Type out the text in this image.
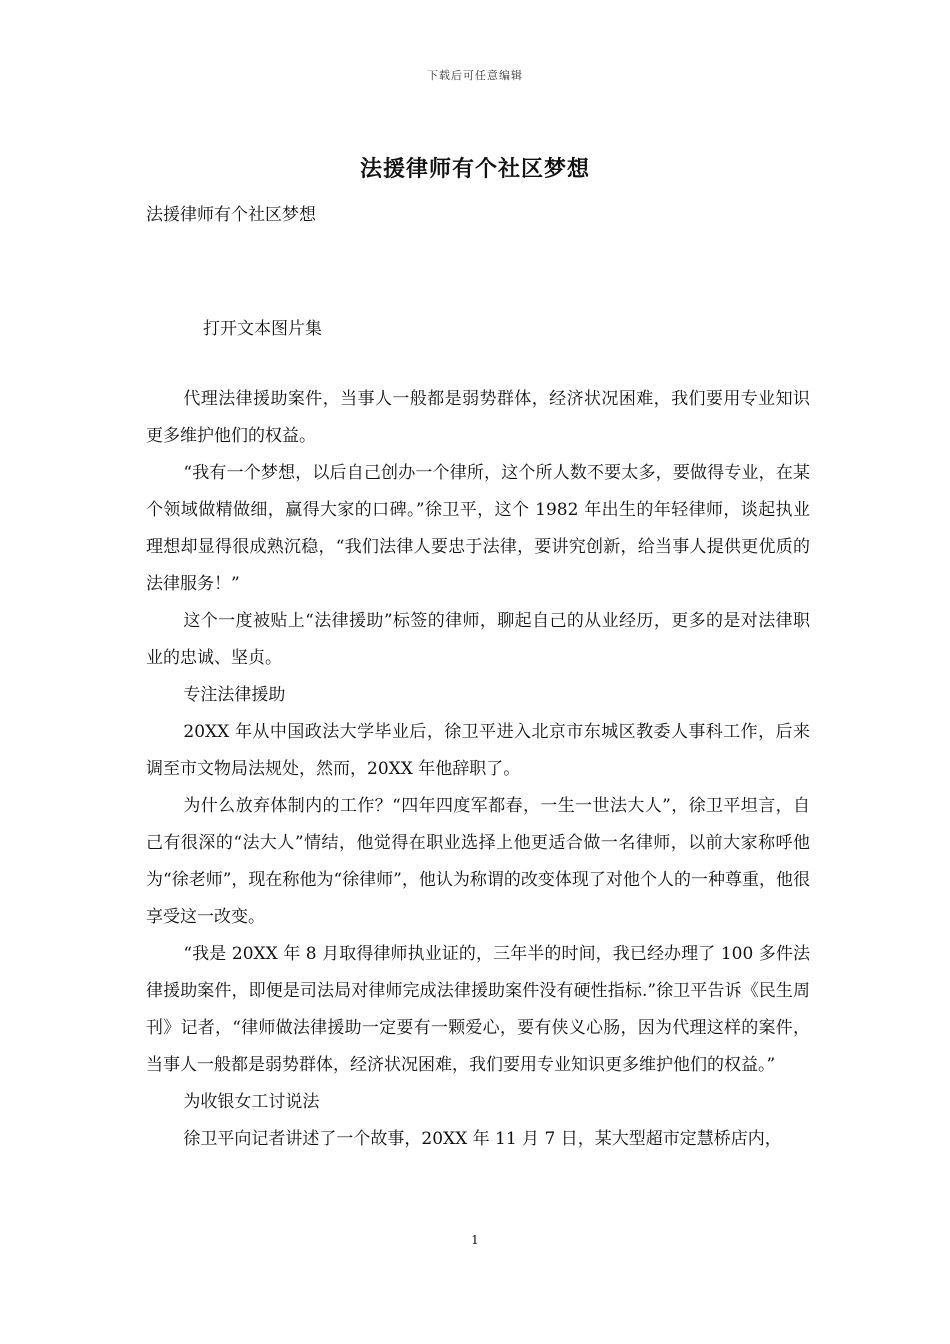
下载后可任意编辑
法援律师有个社区梦想
法援律师有个社区梦想
打开文本图片集

代理法律援助案件，当事人一般都是弱势群体，经济状况困难，我们要用专业知识更多维护他们的权益。

“我有一个梦想，以后自己创办一个律所，这个所人数不要太多，要做得专业，在某个领域做精做细，赢得大家的口碑。”徐卫平，这个 1982 年出生的年轻律师，谈起执业理想却显得很成熟沉稳，“我们法律人要忠于法律，要讲究创新，给当事人提供更优质的法律服务！”

这个一度被贴上“法律援助”标签的律师，聊起自己的从业经历，更多的是对法律职业的忠诚、坚贞。

专注法律援助

20XX 年从中国政法大学毕业后，徐卫平进入北京市东城区教委人事科工作，后来调至市文物局法规处，然而，20XX 年他辞职了。

为什么放弃体制内的工作？“四年四度军都春，一生一世法大人”，徐卫平坦言，自己有很深的“法大人”情结，他觉得在职业选择上他更适合做一名律师，以前大家称呼他为“徐老师”，现在称他为“徐律师”，他认为称谓的改变体现了对他个人的一种尊重，他很享受这一改变。

“我是 20XX 年 8 月取得律师执业证的，三年半的时间，我已经办理了 100 多件法律援助案件，即便是司法局对律师完成法律援助案件没有硬性指标.”徐卫平告诉《民生周刊》记者，“律师做法律援助一定要有一颗爱心，要有侠义心肠，因为代理这样的案件，当事人一般都是弱势群体，经济状况困难，我们要用专业知识更多维护他们的权益。”

为收银女工讨说法

徐卫平向记者讲述了一个故事，20XX 年 11 月 7 日，某大型超市定慧桥店内，

1
